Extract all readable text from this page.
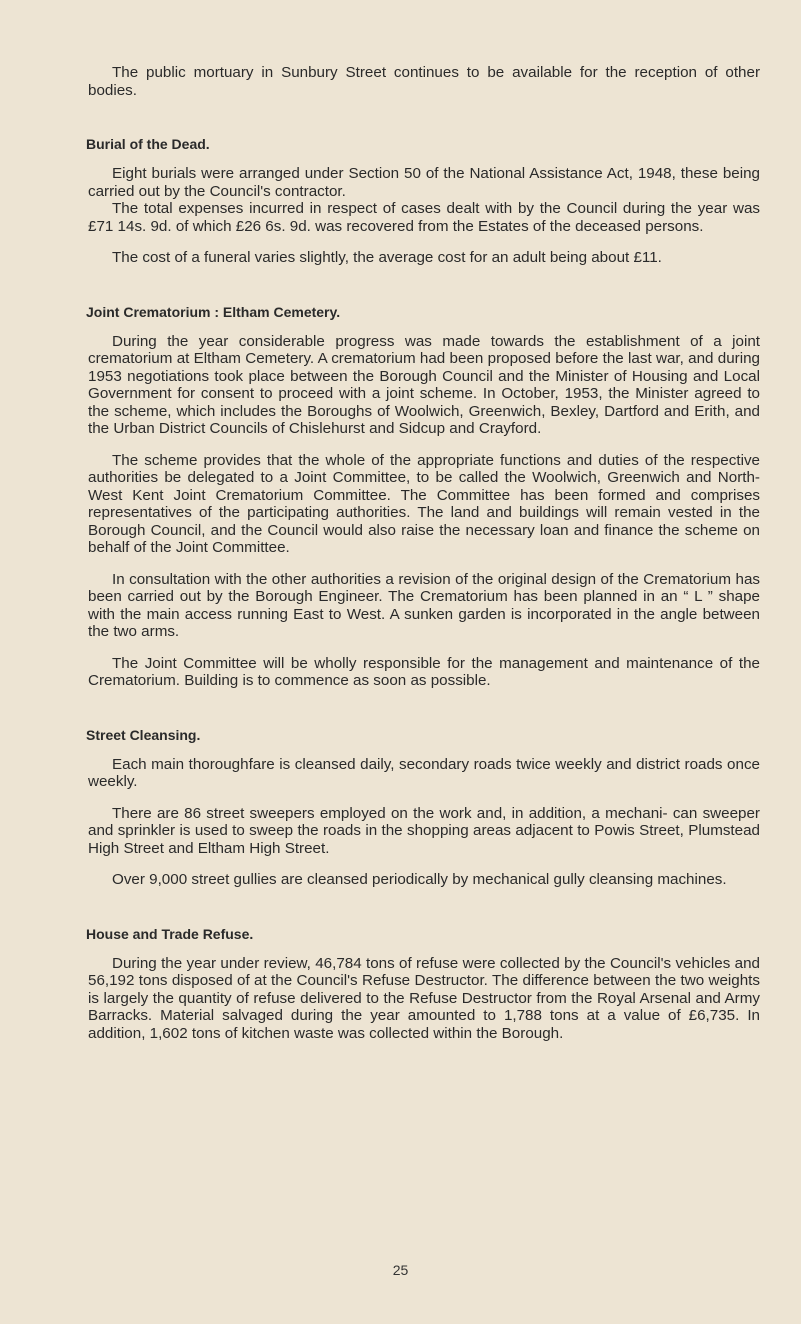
The public mortuary in Sunbury Street continues to be available for the reception of other bodies.

Burial of the Dead.

Eight burials were arranged under Section 50 of the National Assistance Act, 1948, these being carried out by the Council's contractor.

The total expenses incurred in respect of cases dealt with by the Council during the year was £71 14s. 9d. of which £26 6s. 9d. was recovered from the Estates of the deceased persons.

The cost of a funeral varies slightly, the average cost for an adult being about £11.

Joint Crematorium : Eltham Cemetery.

During the year considerable progress was made towards the establishment of a joint crematorium at Eltham Cemetery. A crematorium had been proposed before the last war, and during 1953 negotiations took place between the Borough Council and the Minister of Housing and Local Government for consent to proceed with a joint scheme. In October, 1953, the Minister agreed to the scheme, which includes the Boroughs of Woolwich, Greenwich, Bexley, Dartford and Erith, and the Urban District Councils of Chislehurst and Sidcup and Crayford.

The scheme provides that the whole of the appropriate functions and duties of the respective authorities be delegated to a Joint Committee, to be called the Woolwich, Greenwich and North-West Kent Joint Crematorium Committee. The Committee has been formed and comprises representatives of the participating authorities. The land and buildings will remain vested in the Borough Council, and the Council would also raise the necessary loan and finance the scheme on behalf of the Joint Committee.

In consultation with the other authorities a revision of the original design of the Crematorium has been carried out by the Borough Engineer. The Crematorium has been planned in an “ L ” shape with the main access running East to West. A sunken garden is incorporated in the angle between the two arms.

The Joint Committee will be wholly responsible for the management and maintenance of the Crematorium. Building is to commence as soon as possible.

Street Cleansing.

Each main thoroughfare is cleansed daily, secondary roads twice weekly and district roads once weekly.

There are 86 street sweepers employed on the work and, in addition, a mechani- can sweeper and sprinkler is used to sweep the roads in the shopping areas adjacent to Powis Street, Plumstead High Street and Eltham High Street.

Over 9,000 street gullies are cleansed periodically by mechanical gully cleansing machines.

House and Trade Refuse.

During the year under review, 46,784 tons of refuse were collected by the Council's vehicles and 56,192 tons disposed of at the Council's Refuse Destructor. The difference between the two weights is largely the quantity of refuse delivered to the Refuse Destructor from the Royal Arsenal and Army Barracks. Material salvaged during the year amounted to 1,788 tons at a value of £6,735. In addition, 1,602 tons of kitchen waste was collected within the Borough.

25
